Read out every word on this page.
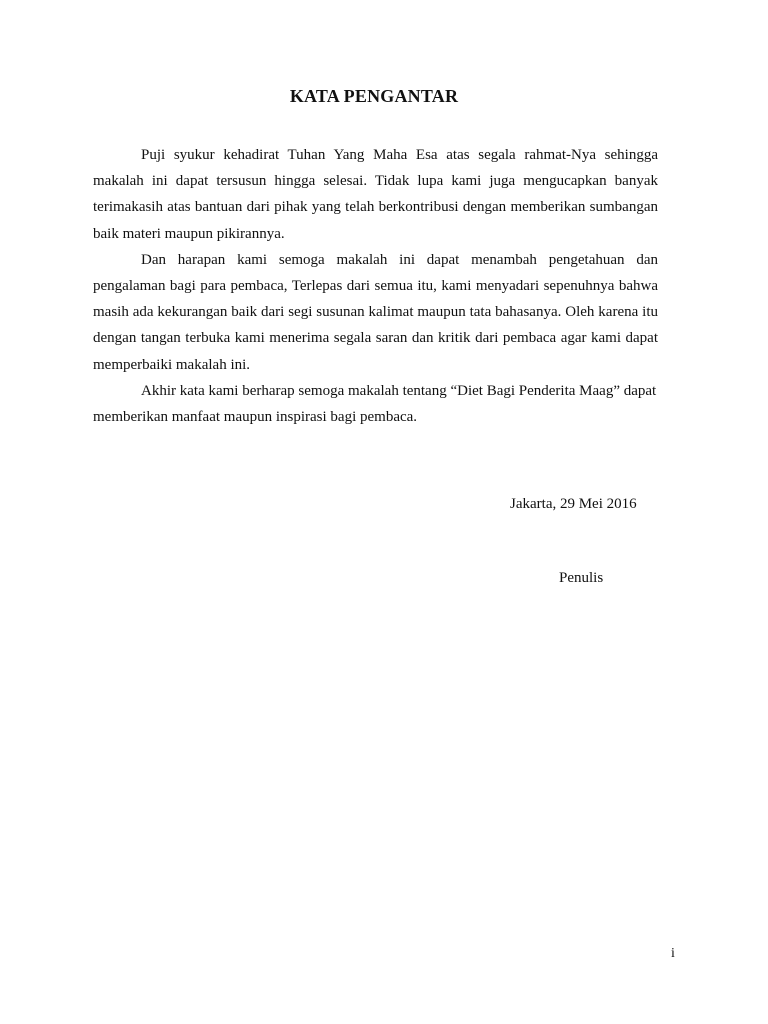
KATA PENGANTAR

Puji syukur kehadirat Tuhan Yang Maha Esa atas segala rahmat-Nya sehingga makalah ini dapat tersusun hingga selesai. Tidak lupa kami juga mengucapkan banyak terimakasih atas bantuan dari pihak yang telah berkontribusi dengan memberikan sumbangan baik materi maupun pikirannya.

Dan harapan kami semoga makalah ini dapat menambah pengetahuan dan pengalaman bagi para pembaca, Terlepas dari semua itu, kami menyadari sepenuhnya bahwa masih ada kekurangan baik dari segi susunan kalimat maupun tata bahasanya. Oleh karena itu dengan tangan terbuka kami menerima segala saran dan kritik dari pembaca agar kami dapat memperbaiki makalah ini.

Akhir kata kami berharap semoga makalah tentang “Diet Bagi Penderita Maag” dapat memberikan manfaat maupun inspirasi bagi pembaca.

Jakarta, 29 Mei 2016
Penulis
i
